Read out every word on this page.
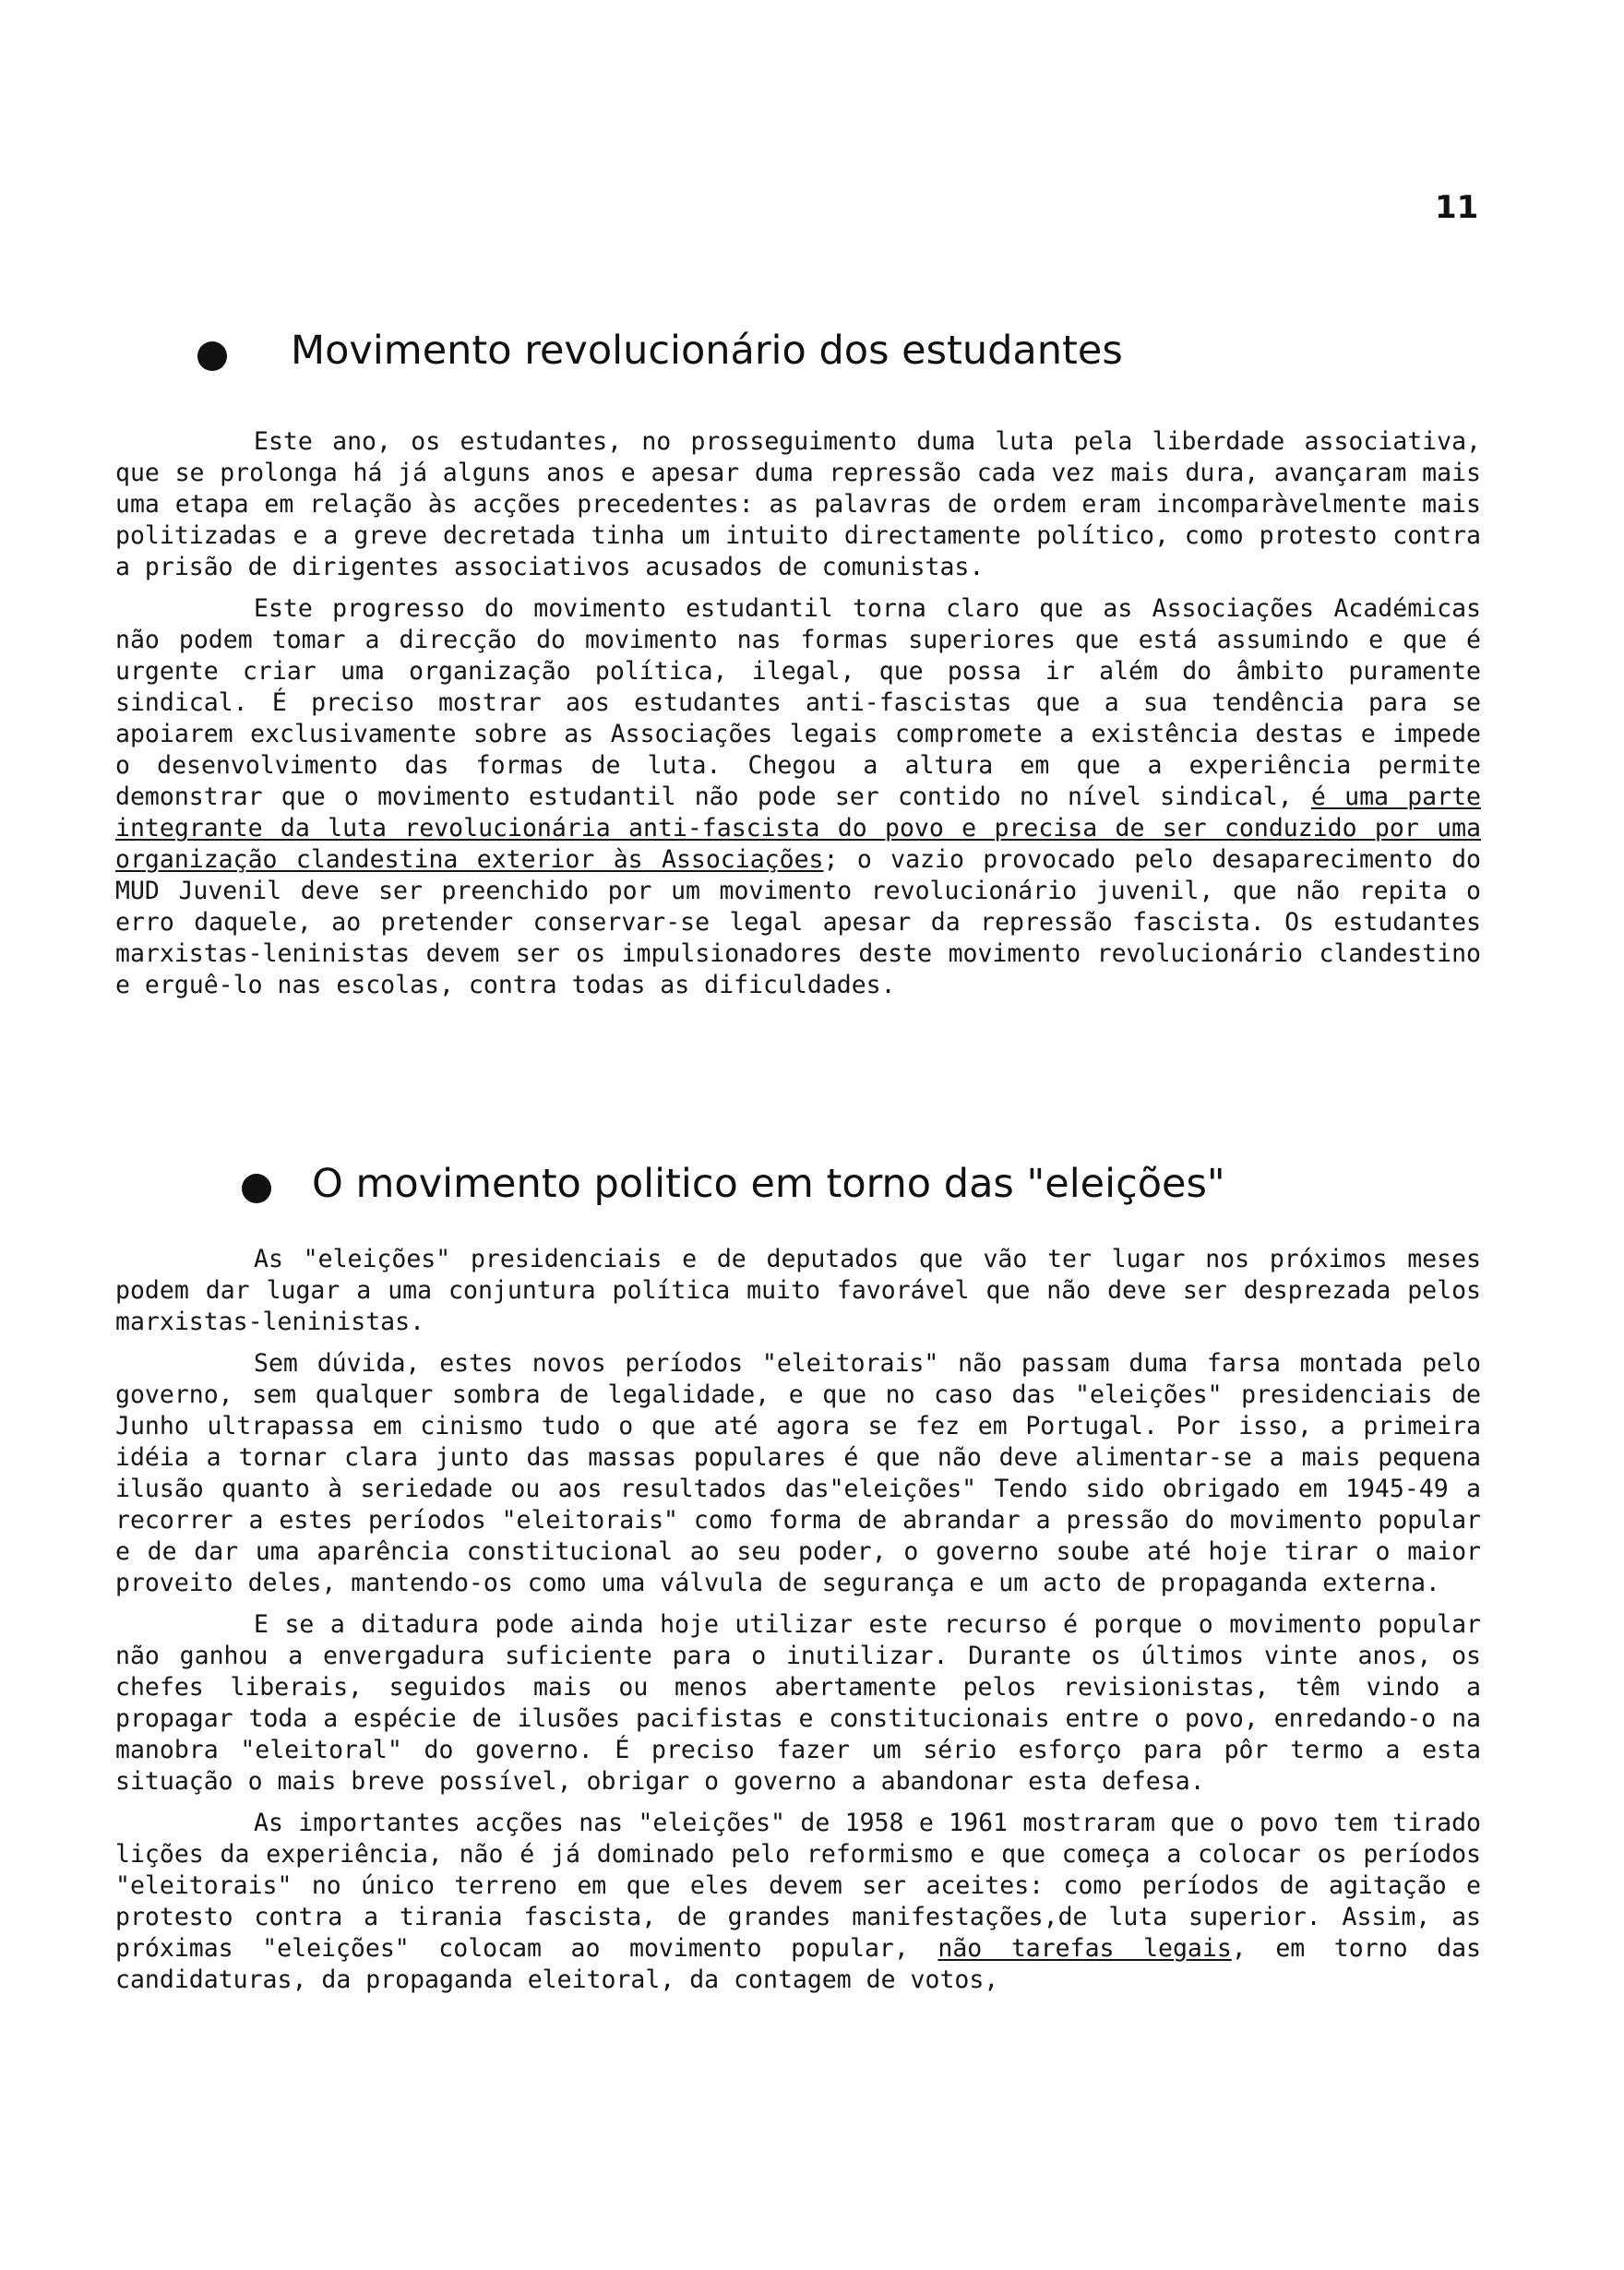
11
Movimento revolucionário dos estudantes

Este ano, os estudantes, no prosseguimento duma luta pela liberdade associativa, que se prolonga há já alguns anos e apesar duma repressão cada vez mais dura, avançaram mais uma etapa em relação às acções precedentes: as palavras de ordem eram incomparàvelmente mais politizadas e a greve decretada tinha um intuito directamente político, como protesto contra a prisão de dirigentes associativos acusados de comunistas.

Este progresso do movimento estudantil torna claro que as Associações Académicas não podem tomar a direcção do movimento nas formas superiores que está assumindo e que é urgente criar uma organização política, ilegal, que possa ir além do âmbito puramente sindical. É preciso mostrar aos estudantes anti-fascistas que a sua tendência para se apoiarem exclusivamente sobre as Associações legais compromete a existência destas e impede o desenvolvimento das formas de luta. Chegou a altura em que a experiência permite demonstrar que o movimento estudantil não pode ser contido no nível sindical, é uma parte integrante da luta revolucionária anti-fascista do povo e precisa de ser conduzido por uma organização clandestina exterior às Associações; o vazio provocado pelo desaparecimento do MUD Juvenil deve ser preenchido por um movimento revolucionário juvenil, que não repita o erro daquele, ao pretender conservar-se legal apesar da repressão fascista. Os estudantes marxistas-leninistas devem ser os impulsionadores deste movimento revolucionário clandestino e erguê-lo nas escolas, contra todas as dificuldades.

O movimento politico em torno das "eleições"

As "eleições" presidenciais e de deputados que vão ter lugar nos próximos meses podem dar lugar a uma conjuntura política muito favorável que não deve ser desprezada pelos marxistas-leninistas.

Sem dúvida, estes novos períodos "eleitorais" não passam duma farsa montada pelo governo, sem qualquer sombra de legalidade, e que no caso das "eleições" presidenciais de Junho ultrapassa em cinismo tudo o que até agora se fez em Portugal. Por isso, a primeira idéia a tornar clara junto das massas populares é que não deve alimentar-se a mais pequena ilusão quanto à seriedade ou aos resultados das"eleições" Tendo sido obrigado em 1945-49 a recorrer a estes períodos "eleitorais" como forma de abrandar a pressão do movimento popular e de dar uma aparência constitucional ao seu poder, o governo soube até hoje tirar o maior proveito deles, mantendo-os como uma válvula de segurança e um acto de propaganda externa.

E se a ditadura pode ainda hoje utilizar este recurso é porque o movimento popular não ganhou a envergadura suficiente para o inutilizar. Durante os últimos vinte anos, os chefes liberais, seguidos mais ou menos abertamente pelos revisionistas, têm vindo a propagar toda a espécie de ilusões pacifistas e constitucionais entre o povo, enredando-o na manobra "eleitoral" do governo. É preciso fazer um sério esforço para pôr termo a esta situação o mais breve possível, obrigar o governo a abandonar esta defesa.

As importantes acções nas "eleições" de 1958 e 1961 mostraram que o povo tem tirado lições da experiência, não é já dominado pelo reformismo e que começa a colocar os períodos "eleitorais" no único terreno em que eles devem ser aceites: como períodos de agitação e protesto contra a tirania fascista, de grandes manifestações,de luta superior. Assim, as próximas "eleições" colocam ao movimento popular, não tarefas legais, em torno das candidaturas, da propaganda eleitoral, da contagem de votos,
